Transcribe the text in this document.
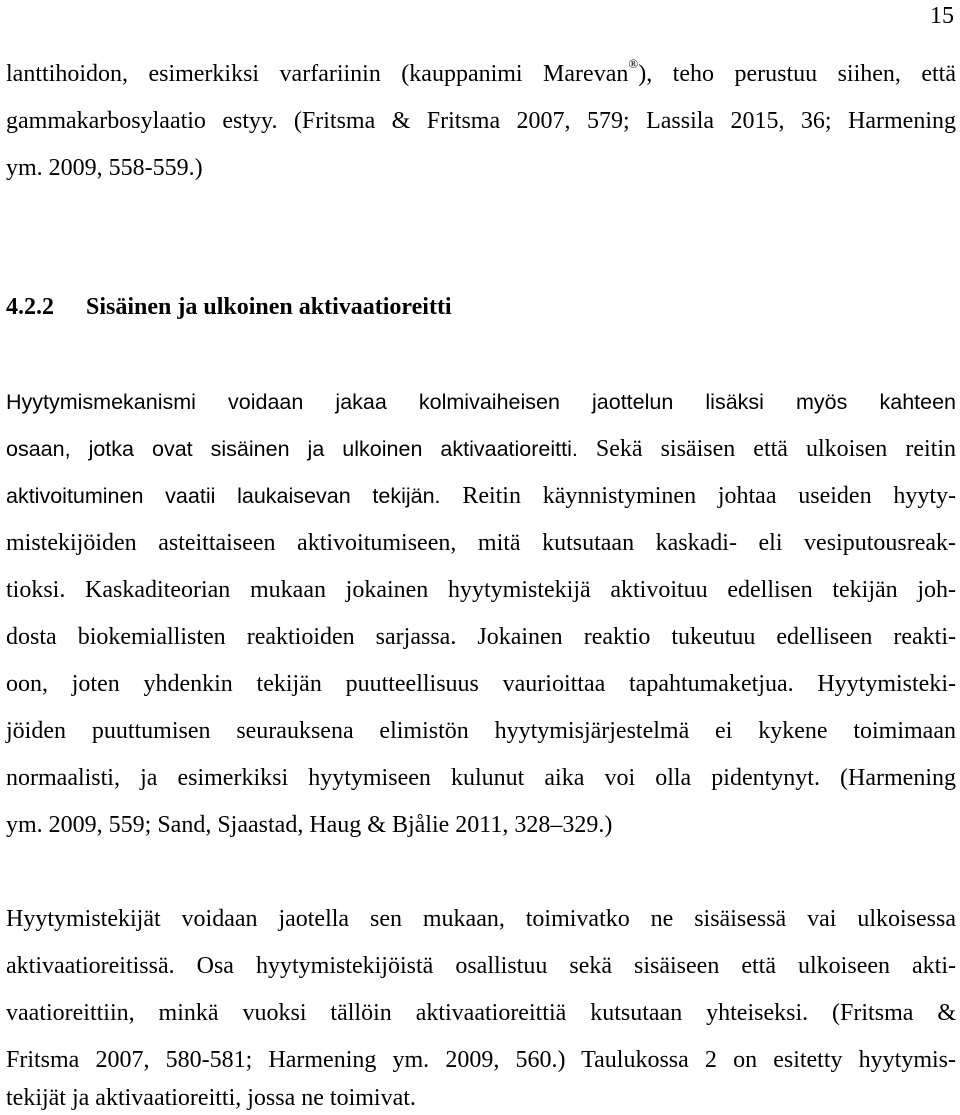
15
lanttihoidon, esimerkiksi varfariinin (kauppanimi Marevan®), teho perustuu siihen, että
gammakarbosylaatio estyy. (Fritsma & Fritsma 2007, 579; Lassila 2015, 36; Harmening
ym. 2009, 558-559.)
4.2.2 Sisäinen ja ulkoinen aktivaatioreitti
Hyytymismekanismi voidaan jakaa kolmivaiheisen jaottelun lisäksi myös kahteen
osaan, jotka ovat sisäinen ja ulkoinen aktivaatioreitti. Sekä sisäisen että ulkoisen reitin
aktivoituminen vaatii laukaisevan tekijän. Reitin käynnistyminen johtaa useiden hyyty-
mistekijöiden asteittaiseen aktivoitumiseen, mitä kutsutaan kaskadi- eli vesiputousreak-
tioksi. Kaskaditeorian mukaan jokainen hyytymistekijä aktivoituu edellisen tekijän joh-
dosta biokemiallisten reaktioiden sarjassa. Jokainen reaktio tukeutuu edelliseen reakti-
oon, joten yhdenkin tekijän puutteellisuus vaurioittaa tapahtumaketjua. Hyytymisteki-
jöiden puuttumisen seurauksena elimistön hyytymisjärjestelmä ei kykene toimimaan
normaalisti, ja esimerkiksi hyytymiseen kulunut aika voi olla pidentynyt. (Harmening
ym. 2009, 559; Sand, Sjaastad, Haug & Bjålie 2011, 328–329.)
Hyytymistekijät voidaan jaotella sen mukaan, toimivatko ne sisäisessä vai ulkoisessa
aktivaatioreitissä. Osa hyytymistekijöistä osallistuu sekä sisäiseen että ulkoiseen akti-
vaatioreittiin, minkä vuoksi tällöin aktivaatioreittiä kutsutaan yhteiseksi. (Fritsma &
Fritsma 2007, 580-581; Harmening ym. 2009, 560.) Taulukossa 2 on esitetty hyytymis-
tekijät ja aktivaatioreitti, jossa ne toimivat.
